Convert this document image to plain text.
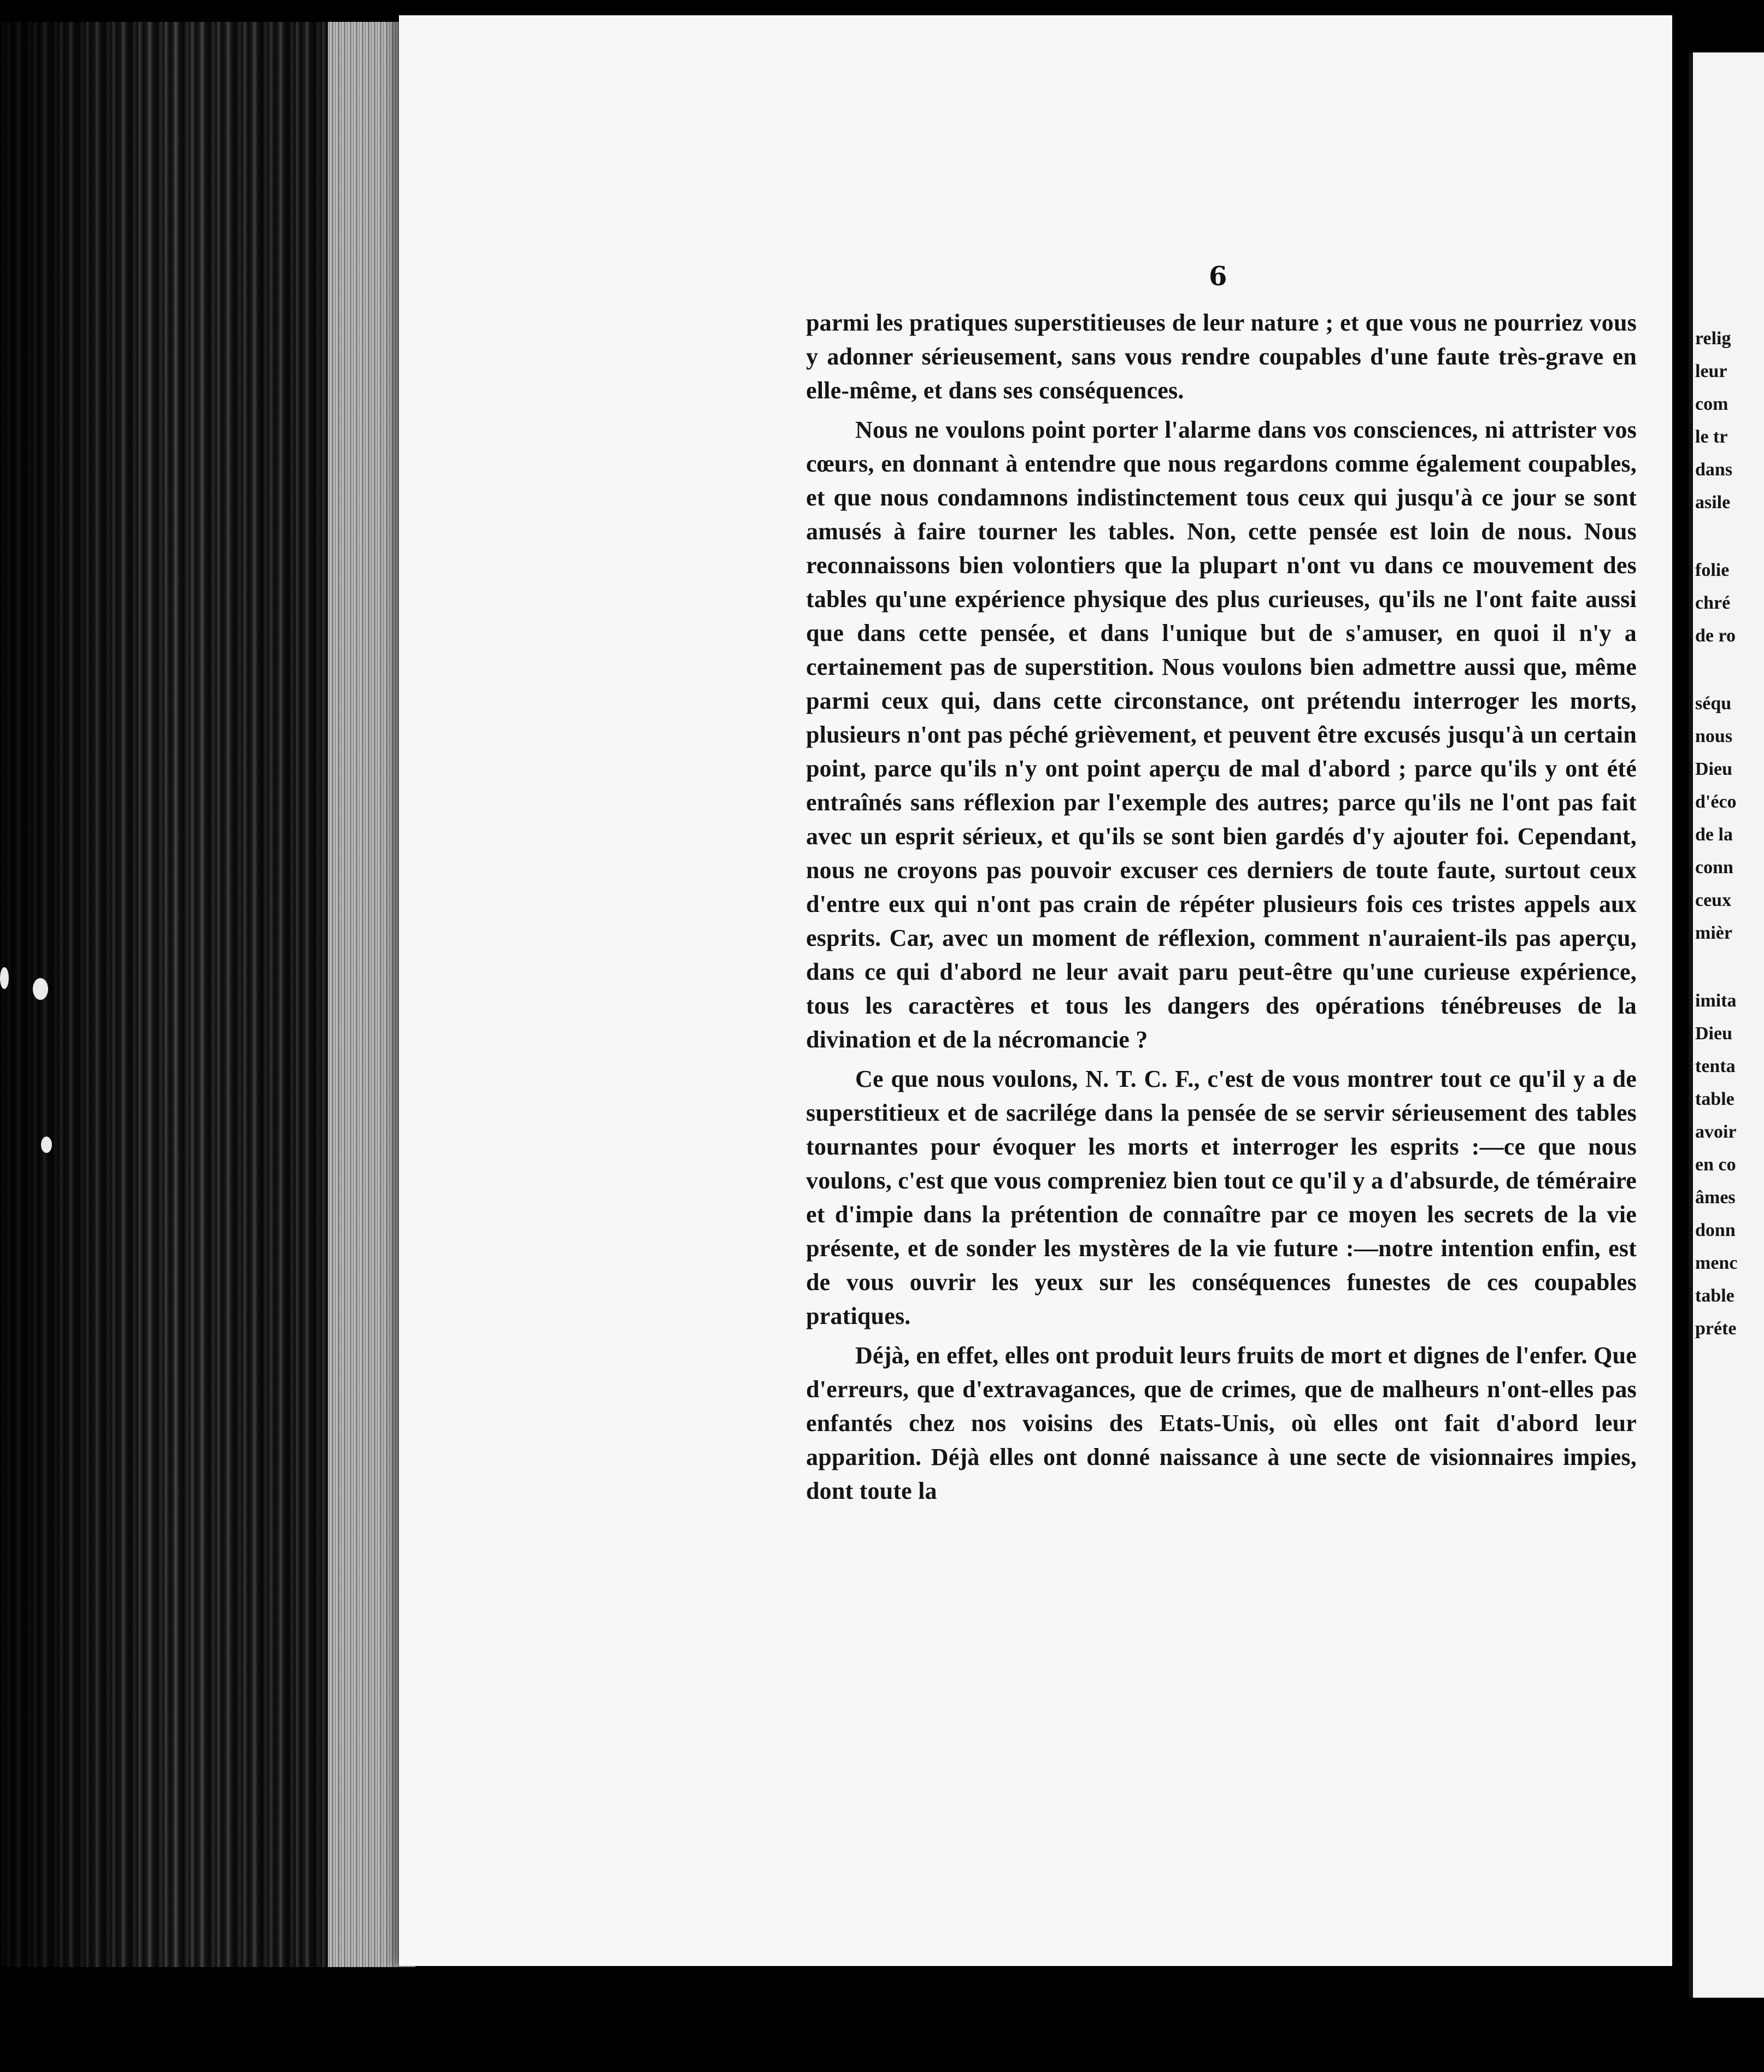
6

parmi les pratiques superstitieuses de leur nature ; et que vous ne pourriez vous y adonner sérieusement, sans vous rendre coupables d'une faute très-grave en elle-même, et dans ses conséquences.

Nous ne voulons point porter l'alarme dans vos consciences, ni attrister vos cœurs, en donnant à entendre que nous regardons comme également coupables, et que nous condamnons indistinctement tous ceux qui jusqu'à ce jour se sont amusés à faire tourner les tables. Non, cette pensée est loin de nous. Nous reconnaissons bien volontiers que la plupart n'ont vu dans ce mouvement des tables qu'une expérience physique des plus curieuses, qu'ils ne l'ont faite aussi que dans cette pensée, et dans l'unique but de s'amuser, en quoi il n'y a certainement pas de superstition. Nous voulons bien admettre aussi que, même parmi ceux qui, dans cette circonstance, ont prétendu interroger les morts, plusieurs n'ont pas péché grièvement, et peuvent être excusés jusqu'à un certain point, parce qu'ils n'y ont point aperçu de mal d'abord ; parce qu'ils y ont été entraînés sans réflexion par l'exemple des autres; parce qu'ils ne l'ont pas fait avec un esprit sérieux, et qu'ils se sont bien gardés d'y ajouter foi. Cependant, nous ne croyons pas pouvoir excuser ces derniers de toute faute, surtout ceux d'entre eux qui n'ont pas crain de répéter plusieurs fois ces tristes appels aux esprits. Car, avec un moment de réflexion, comment n'auraient-ils pas aperçu, dans ce qui d'abord ne leur avait paru peut-être qu'une curieuse expérience, tous les caractères et tous les dangers des opérations ténébreuses de la divination et de la nécromancie ?

Ce que nous voulons, N. T. C. F., c'est de vous montrer tout ce qu'il y a de superstitieux et de sacrilége dans la pensée de se servir sérieusement des tables tournantes pour évoquer les morts et interroger les esprits :—ce que nous voulons, c'est que vous compreniez bien tout ce qu'il y a d'absurde, de téméraire et d'impie dans la prétention de connaître par ce moyen les secrets de la vie présente, et de sonder les mystères de la vie future :—notre intention enfin, est de vous ouvrir les yeux sur les conséquences funestes de ces coupables pratiques.

Déjà, en effet, elles ont produit leurs fruits de mort et dignes de l'enfer. Que d'erreurs, que d'extravagances, que de crimes, que de malheurs n'ont-elles pas enfantés chez nos voisins des Etats-Unis, où elles ont fait d'abord leur apparition. Déjà elles ont donné naissance à une secte de visionnaires impies, dont toute la

relig
leur
com
le tr
dans
asile
folie
chré
de ro
séqu
nous
Dieu
d'éco
de la
conn
ceux
mièr
imita
Dieu
tenta
table
avoir
en co
âmes
donn
menc
table
préte
